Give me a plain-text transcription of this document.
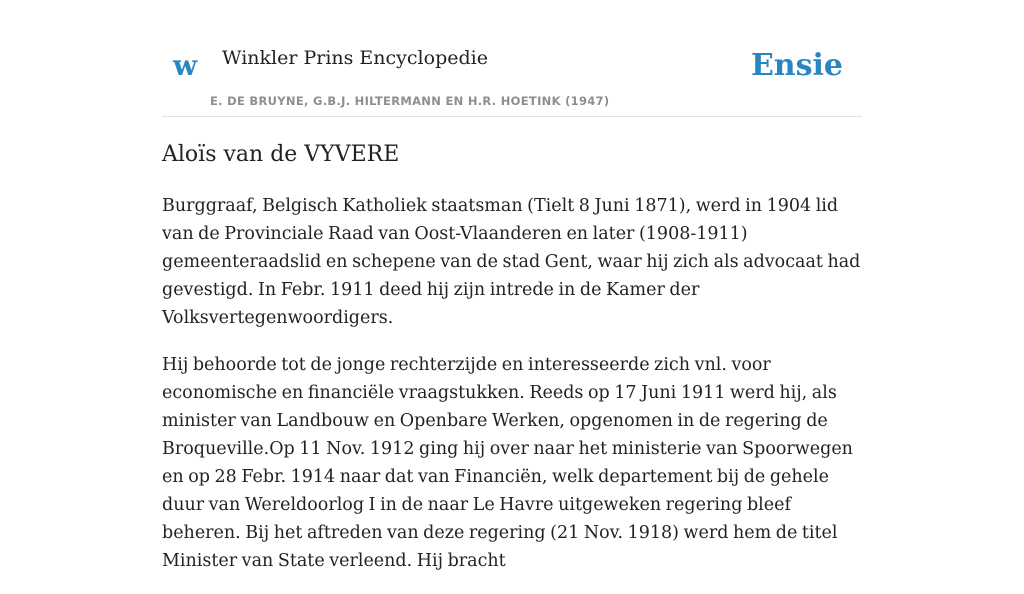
w Winkler Prins Encyclopedie
E. DE BRUYNE, G.B.J. HILTERMANN EN H.R. HOETINK (1947)
Ensie
Aloïs van de VYVERE

Burggraaf, Belgisch Katholiek staatsman (Tielt 8 Juni 1871), werd in 1904 lid van de Provinciale Raad van Oost-Vlaanderen en later (1908-1911) gemeenteraadslid en schepene van de stad Gent, waar hij zich als advocaat had gevestigd. In Febr. 1911 deed hij zijn intrede in de Kamer der Volksvertegenwoordigers.

Hij behoorde tot de jonge rechterzijde en interesseerde zich vnl. voor economische en financiële vraagstukken. Reeds op 17 Juni 1911 werd hij, als minister van Landbouw en Openbare Werken, opgenomen in de regering de Broqueville.Op 11 Nov. 1912 ging hij over naar het ministerie van Spoorwegen en op 28 Febr. 1914 naar dat van Financiën, welk departement bij de gehele duur van Wereldoorlog I in de naar Le Havre uitgeweken regering bleef beheren. Bij het aftreden van deze regering (21 Nov. 1918) werd hem de titel Minister van State verleend. Hij bracht
